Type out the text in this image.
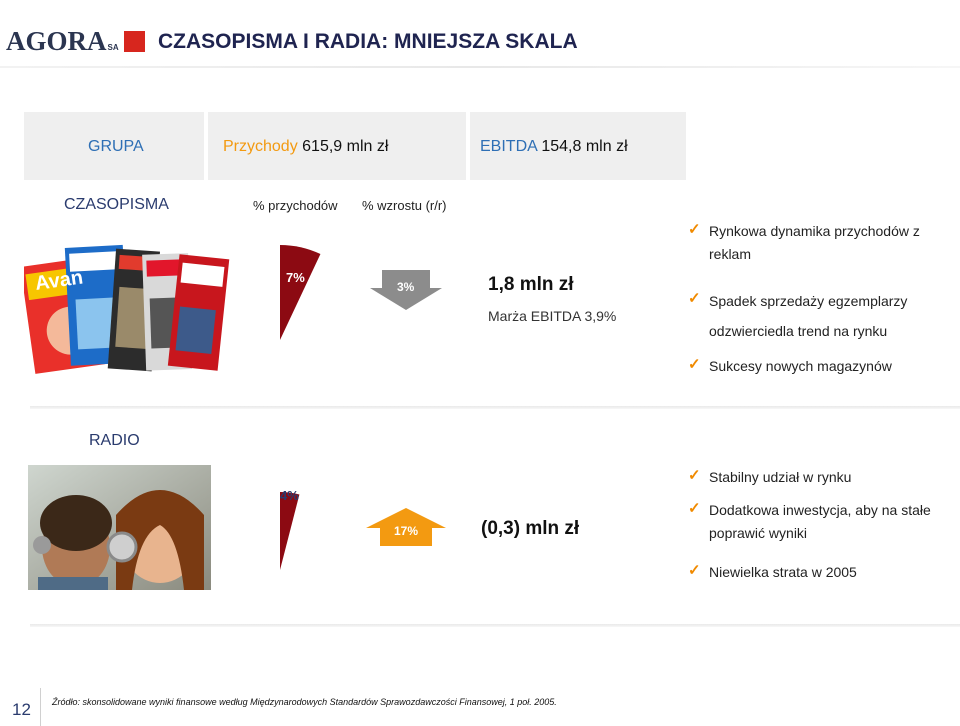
AGORA SA CZASOPISMA I RADIA: MNIEJSZA SKALA
GRUPA	Przychody 615,9 mln zł	EBITDA 154,8 mln zł
CZASOPISMA	% przychodów % wzrostu (r/r)
Avan	7%
3%	1,8 mln zł
Marża EBITDA 3,9%
✓ Rynkowa dynamika przychodów z reklam
✓ Spadek sprzedaży egzemplarzy odzwierciedla trend na rynku
✓ Sukcesy nowych magazynów
RADIO
4%
17%	(0,3) mln zł
✓ Stabilny udział w rynku
✓ Dodatkowa inwestycja, aby na stałe poprawić wyniki
✓ Niewielka strata w 2005
12 Źródło: skonsolidowane wyniki finansowe według Międzynarodowych Standardów Sprawozdawczości Finansowej, 1 poł. 2005.
